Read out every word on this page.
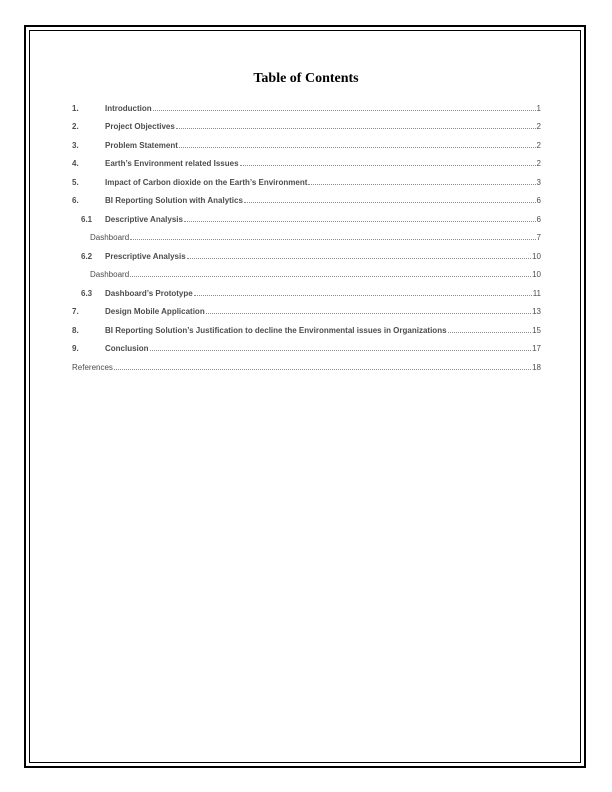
Table of Contents
1.	Introduction	1
2.	Project Objectives	2
3.	Problem Statement	2
4.	Earth’s Environment related Issues	2
5.	Impact of Carbon dioxide on the Earth’s Environment	3
6.	BI Reporting Solution with Analytics	6
6.1	Descriptive Analysis	6
Dashboard	7
6.2	Prescriptive Analysis	10
Dashboard	10
6.3	Dashboard’s Prototype	11
7.	Design Mobile Application	13
8.	BI Reporting Solution’s Justification to decline the Environmental issues in Organizations	15
9.	Conclusion	17
References	18
